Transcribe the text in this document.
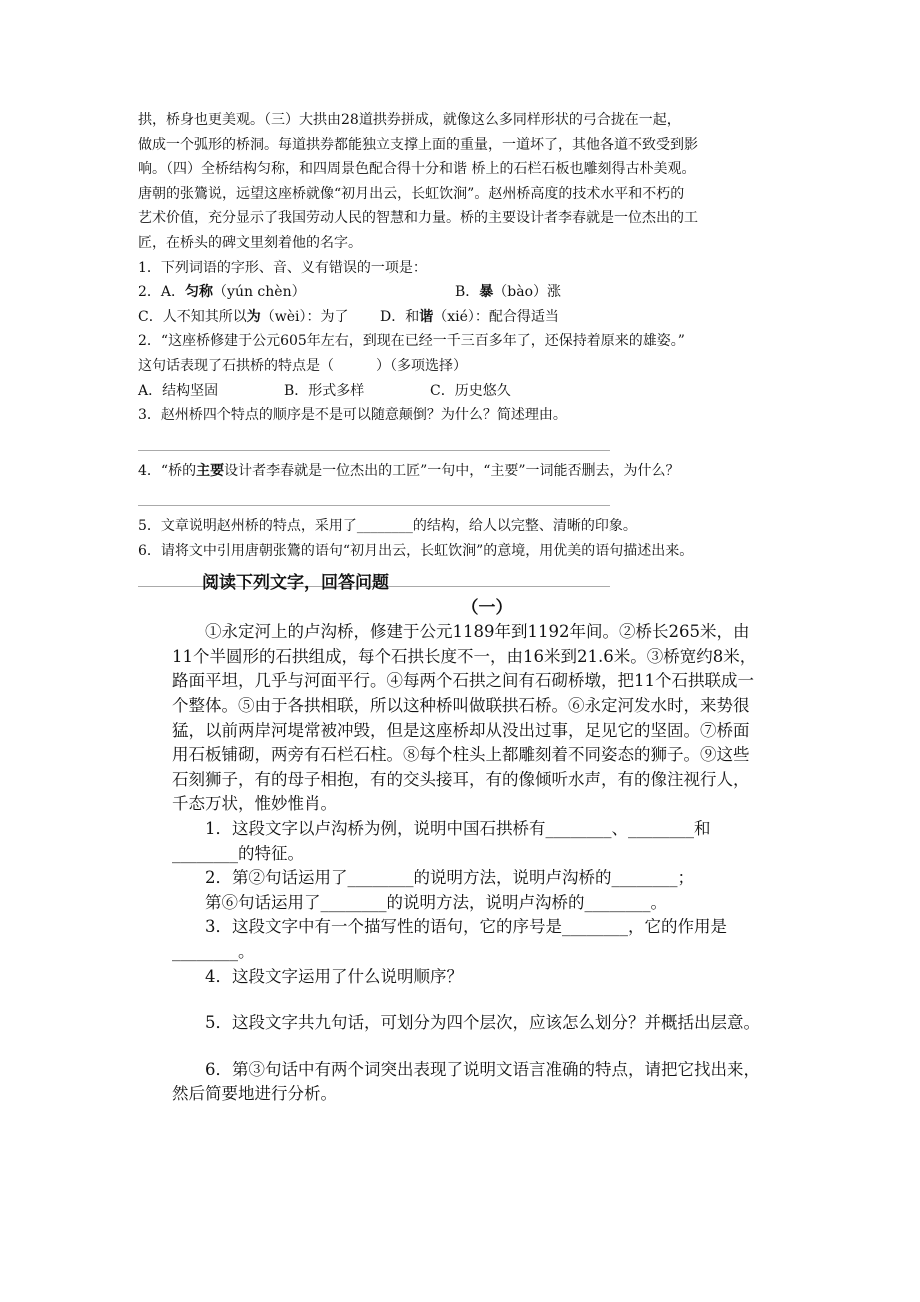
拱，桥身也更美观。（三）大拱由28道拱券拼成，就像这么多同样形状的弓合拢在一起，

做成一个弧形的桥洞。每道拱券都能独立支撑上面的重量，一道坏了，其他各道不致受到影

响。（四）全桥结构匀称，和四周景色配合得十分和谐 桥上的石栏石板也雕刻得古朴美观。

唐朝的张鷟说，远望这座桥就像“初月出云，长虹饮涧”。赵州桥高度的技术水平和不朽的

艺术价值，充分显示了我国劳动人民的智慧和力量。桥的主要设计者李春就是一位杰出的工

匠，在桥头的碑文里刻着他的名字。

1．下列词语的字形、音、义有错误的一项是：

2．A．匀称（yún chèn）	B．暴（bào）涨

C．人不知其所以为（wèi）：为了	D．和谐（xié）：配合得适当

2．“这座桥修建于公元605年左右，到现在已经一千三百多年了，还保持着原来的雄姿。”

这句话表现了石拱桥的特点是（　　　）（多项选择）

A．结构坚固	B．形式多样	C．历史悠久

3．赵州桥四个特点的顺序是不是可以随意颠倒？为什么？简述理由。

4．“桥的主要设计者李春就是一位杰出的工匠”一句中，“主要”一词能否删去，为什么？

5．文章说明赵州桥的特点，采用了________的结构，给人以完整、清晰的印象。

6．请将文中引用唐朝张鷟的语句“初月出云，长虹饮涧”的意境，用优美的语句描述出来。

阅读下列文字，回答问题

（一）

①永定河上的卢沟桥，修建于公元1189年到1192年间。②桥长265米，由11个半圆形的石拱组成，每个石拱长度不一，由16米到21.6米。③桥宽约8米，路面平坦，几乎与河面平行。④每两个石拱之间有石砌桥墩，把11个石拱联成一个整体。⑤由于各拱相联，所以这种桥叫做联拱石桥。⑥永定河发水时，来势很猛，以前两岸河堤常被冲毁，但是这座桥却从没出过事，足见它的坚固。⑦桥面用石板铺砌，两旁有石栏石柱。⑧每个柱头上都雕刻着不同姿态的狮子。⑨这些石刻狮子，有的母子相抱，有的交头接耳，有的像倾听水声，有的像注视行人，千态万状，惟妙惟肖。

1．这段文字以卢沟桥为例，说明中国石拱桥有________、________和________的特征。

2．第②句话运用了________的说明方法，说明卢沟桥的________；

第⑥句话运用了________的说明方法，说明卢沟桥的________。

3．这段文字中有一个描写性的语句，它的序号是________，它的作用是________。

4．这段文字运用了什么说明顺序？

5．这段文字共九句话，可划分为四个层次，应该怎么划分？并概括出层意。

6．第③句话中有两个词突出表现了说明文语言准确的特点，请把它找出来，然后简要地进行分析。
